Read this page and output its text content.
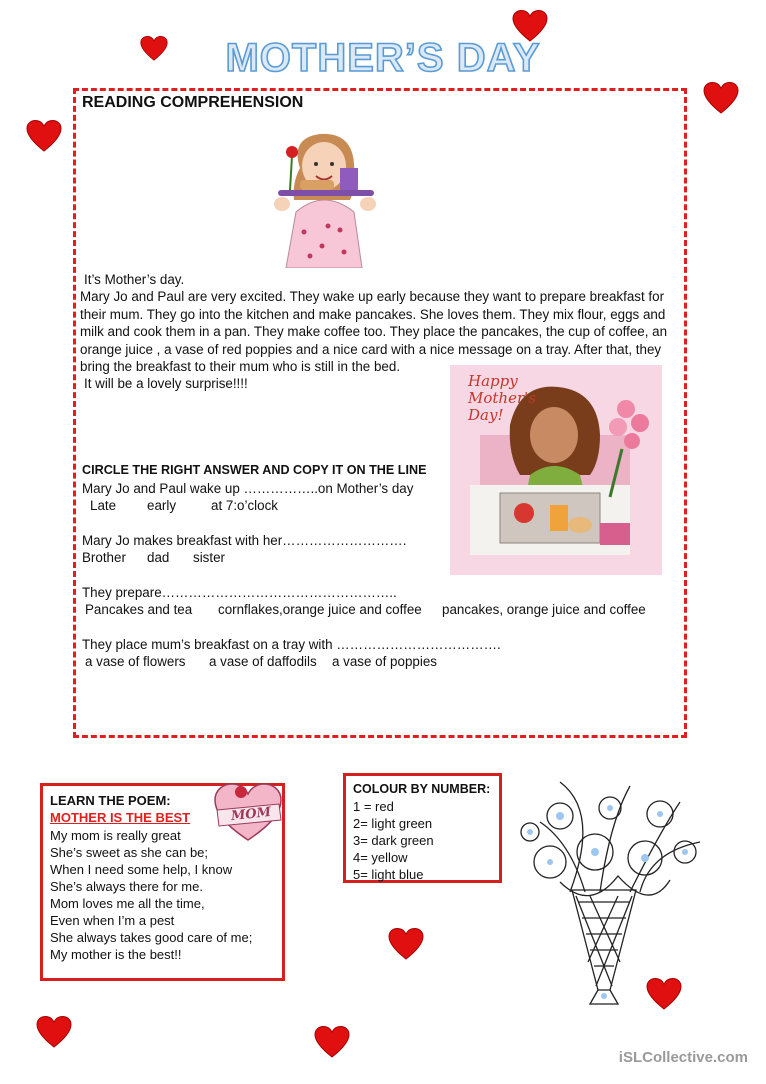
MOTHER’S DAY
READING COMPREHENSION
It’s Mother’s day.
Mary Jo and Paul are very excited. They wake up early because they want to prepare breakfast for their mum. They go into the kitchen and make pancakes. She loves them. They mix flour, eggs and milk and cook them in a pan. They make coffee too. They place the pancakes, the cup of coffee, an orange juice , a vase of red poppies and a nice card with a nice message on a tray. After that, they bring the breakfast to their mum who is still in the bed.
It will be a lovely surprise!!!!	Happy
Mother's
Day!
CIRCLE THE RIGHT ANSWER AND COPY IT ON THE LINE
Mary Jo and Paul wake up ……………..on Mother’s day
Late early	at 7:o’clock
Mary Jo makes breakfast with her……………………….
Brother dad sister
They prepare……………………………………………..
Pancakes and tea cornflakes,orange juice and coffee pancakes, orange juice and coffee
They place mum’s breakfast on a tray with ……………………………….
a vase of flowers a vase of daffodils a vase of poppies
LEARN THE POEM:
MOTHER IS THE BEST
My mom is really great
She’s sweet as she can be;
When I need some help, I know
She’s always there for me.
Mom loves me all the time,
Even when I’m a pest
She always takes good care of me;
My mother is the best!!
MOM
COLOUR BY NUMBER:
1 = red
2= light green
3= dark green
4= yellow
5= light blue
iSLCollective.com
